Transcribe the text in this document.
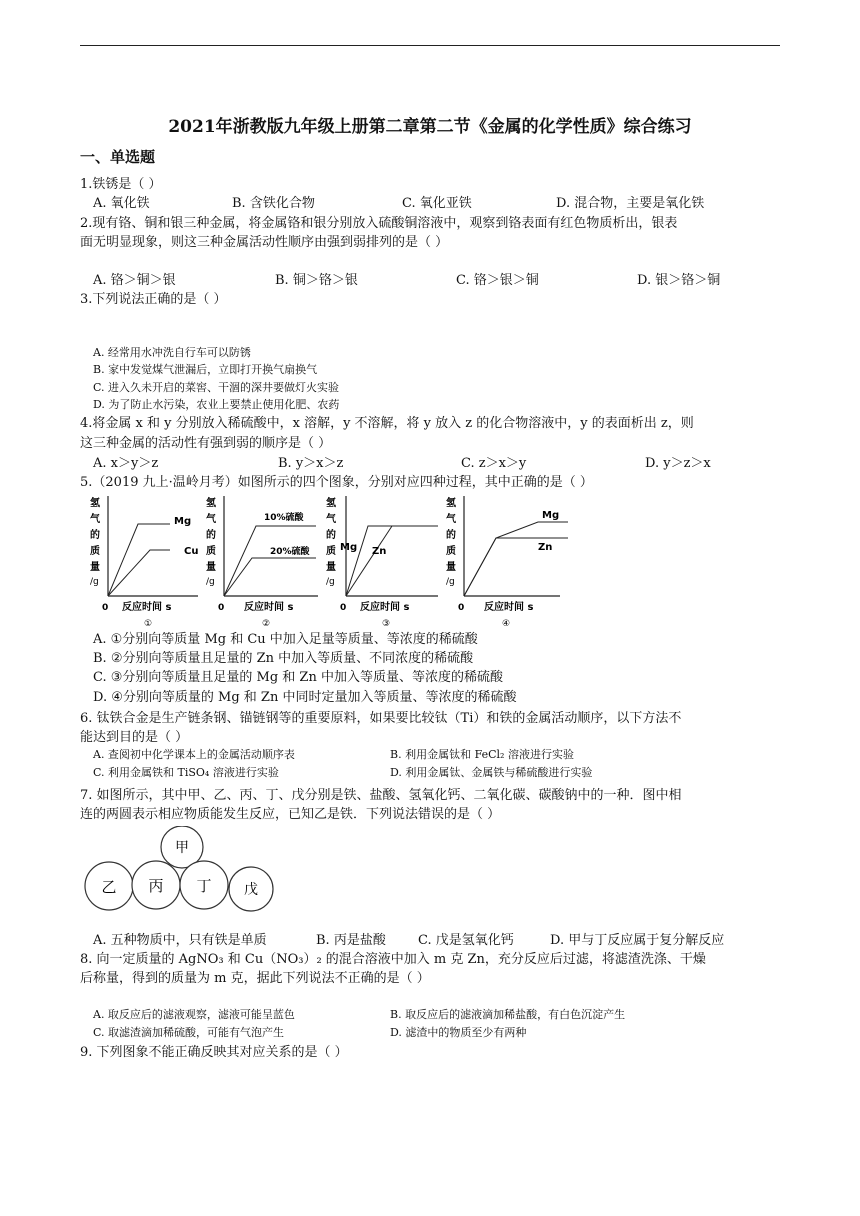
2021年浙教版九年级上册第二章第二节《金属的化学性质》综合练习
一、单选题
1.铁锈是（ ）
A. 氧化铁	B. 含铁化合物	C. 氧化亚铁	D. 混合物，主要是氧化铁
2.现有铬、铜和银三种金属，将金属铬和银分别放入硫酸铜溶液中，观察到铬表面有红色物质析出，银表
面无明显现象，则这三种金属活动性顺序由强到弱排列的是（ ）
A. 铬＞铜＞银	B. 铜＞铬＞银	C. 铬＞银＞铜	D. 银＞铬＞铜
3.下列说法正确的是（ ）
A. 经常用水冲洗自行车可以防锈
B. 家中发觉煤气泄漏后，立即打开换气扇换气
C. 进入久未开启的菜窖、干涸的深井要做灯火实验
D. 为了防止水污染，农业上要禁止使用化肥、农药
4.将金属 x 和 y 分别放入稀硫酸中，x 溶解，y 不溶解，将 y 放入 z 的化合物溶液中，y 的表面析出 z，则
这三种金属的活动性有强到弱的顺序是（ ）
A. x＞y＞z	B. y＞x＞z	C. z＞x＞y	D. y＞z＞x
5.（2019 九上·温岭月考）如图所示的四个图象，分别对应四种过程，其中正确的是（ ）
氢
气
的
质
量
/g
Mg
Cu
0 反应时间 s
①
氢
气
的
质
量
/g
10%硫酸
20%硫酸
0 反应时间 s
②
氢
气
的
质
量
/g
Mg Zn
0 反应时间 s
③
氢
气
的
质
量
/g
Mg
Zn
0 反应时间 s
④
A. ①分别向等质量 Mg 和 Cu 中加入足量等质量、等浓度的稀硫酸
B. ②分别向等质量且足量的 Zn 中加入等质量、不同浓度的稀硫酸
C. ③分别向等质量且足量的 Mg 和 Zn 中加入等质量、等浓度的稀硫酸
D. ④分别向等质量的 Mg 和 Zn 中同时定量加入等质量、等浓度的稀硫酸
6. 钛铁合金是生产链条钢、锚链钢等的重要原料，如果要比较钛（Ti）和铁的金属活动顺序，以下方法不
能达到目的是（ ）
A. 查阅初中化学课本上的金属活动顺序表	B. 利用金属钛和 FeCl₂ 溶液进行实验
C. 利用金属铁和 TiSO₄ 溶液进行实验	D. 利用金属钛、金属铁与稀硫酸进行实验
7. 如图所示，其中甲、乙、丙、丁、戊分别是铁、盐酸、氢氧化钙、二氧化碳、碳酸钠中的一种．图中相
连的两圆表示相应物质能发生反应，已知乙是铁．下列说法错误的是（ ）
甲
乙 丙 丁 戊
A. 五种物质中，只有铁是单质	B. 丙是盐酸 C. 戊是氢氧化钙	D. 甲与丁反应属于复分解反应
8. 向一定质量的 AgNO₃ 和 Cu（NO₃）₂ 的混合溶液中加入 m 克 Zn，充分反应后过滤，将滤渣洗涤、干燥
后称量，得到的质量为 m 克，据此下列说法不正确的是（ ）
A. 取反应后的滤液观察，滤液可能呈蓝色	B. 取反应后的滤液滴加稀盐酸，有白色沉淀产生
C. 取滤渣滴加稀硫酸，可能有气泡产生	D. 滤渣中的物质至少有两种
9. 下列图象不能正确反映其对应关系的是（ ）
